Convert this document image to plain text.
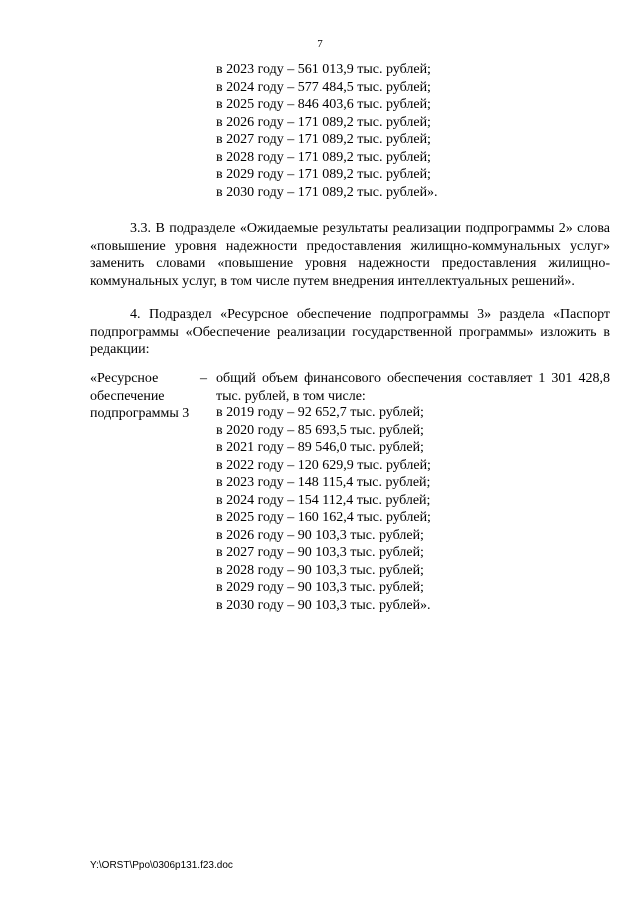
7
в 2023 году – 561 013,9 тыс. рублей;
в 2024 году – 577 484,5 тыс. рублей;
в 2025 году – 846 403,6 тыс. рублей;
в 2026 году – 171 089,2 тыс. рублей;
в 2027 году – 171 089,2 тыс. рублей;
в 2028 году – 171 089,2 тыс. рублей;
в 2029 году – 171 089,2 тыс. рублей;
в 2030 году – 171 089,2 тыс. рублей».

3.3. В подразделе «Ожидаемые результаты реализации подпрограммы 2» слова «повышение уровня надежности предоставления жилищно-коммунальных услуг» заменить словами «повышение уровня надежности предоставления жилищно-коммунальных услуг, в том числе путем внедрения интеллектуальных решений».

4. Подраздел «Ресурсное обеспечение подпрограммы 3» раздела «Паспорт подпрограммы «Обеспечение реализации государственной программы» изложить в редакции:

«Ресурсное обеспечение подпрограммы 3
– общий объем финансового обеспечения составляет 1 301 428,8 тыс. рублей, в том числе:
в 2019 году – 92 652,7 тыс. рублей;
в 2020 году – 85 693,5 тыс. рублей;
в 2021 году – 89 546,0 тыс. рублей;
в 2022 году – 120 629,9 тыс. рублей;
в 2023 году – 148 115,4 тыс. рублей;
в 2024 году – 154 112,4 тыс. рублей;
в 2025 году – 160 162,4 тыс. рублей;
в 2026 году – 90 103,3 тыс. рублей;
в 2027 году – 90 103,3 тыс. рублей;
в 2028 году – 90 103,3 тыс. рублей;
в 2029 году – 90 103,3 тыс. рублей;
в 2030 году – 90 103,3 тыс. рублей».
Y:\ORST\Ppo\0306p131.f23.doc
